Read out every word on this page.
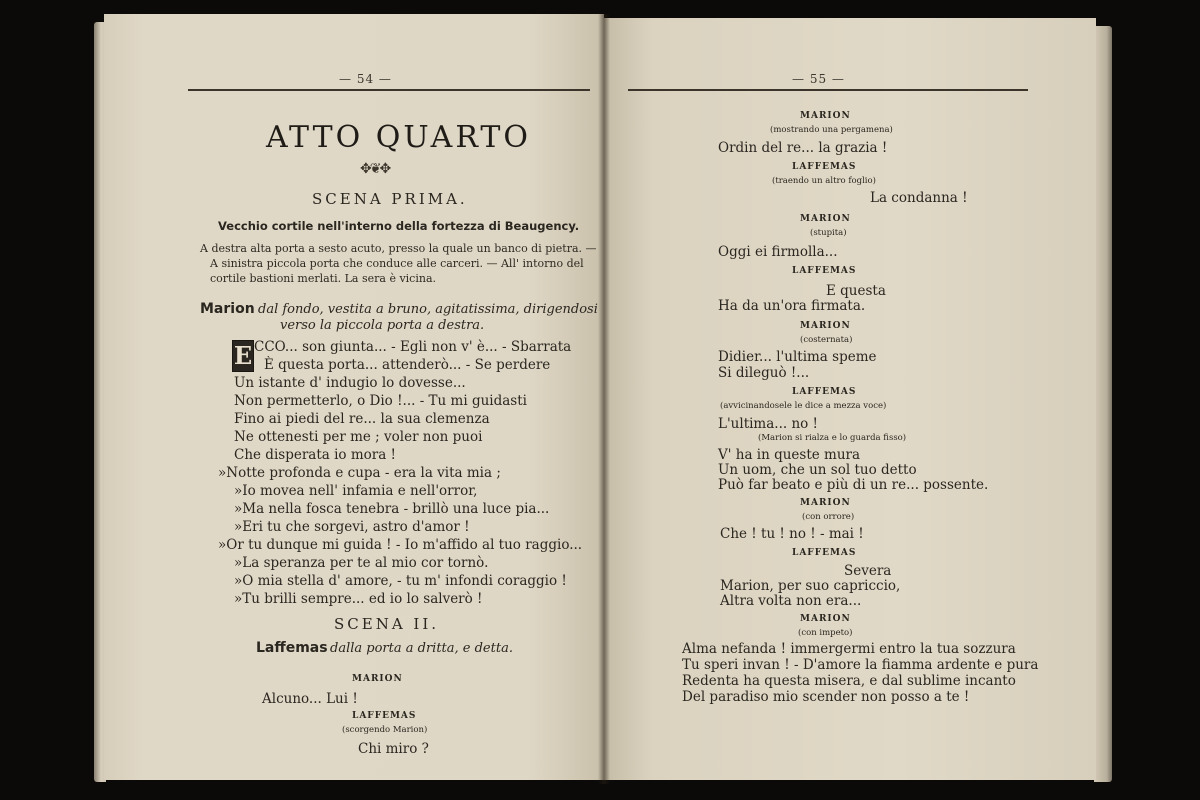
— 54 —
ATTO QUARTO
✥❦✥
SCENA PRIMA.
Vecchio cortile nell'interno della fortezza di Beaugency.
A destra alta porta a sesto acuto, presso la quale un banco di pietra. —
A sinistra piccola porta che conduce alle carceri. — All' intorno del
cortile bastioni merlati. La sera è vicina.
Marion dal fondo, vestita a bruno, agitatissima, dirigendosi
verso la piccola porta a destra.
E CCO... son giunta... - Egli non v' è... - Sbarrata
È questa porta... attenderò... - Se perdere
Un istante d' indugio lo dovesse...
Non permetterlo, o Dio !... - Tu mi guidasti
Fino ai piedi del re... la sua clemenza
Ne ottenesti per me ; voler non puoi
Che disperata io mora !
»Notte profonda e cupa - era la vita mia ;
»Io movea nell' infamia e nell'orror,
»Ma nella fosca tenebra - brillò una luce pia...
»Eri tu che sorgevi, astro d'amor !
»Or tu dunque mi guida ! - Io m'affido al tuo raggio...
»La speranza per te al mio cor tornò.
»O mia stella d' amore, - tu m' infondi coraggio !
»Tu brilli sempre... ed io lo salverò !
SCENA II.
Laffemas dalla porta a dritta, e detta.
MARION
Alcuno... Lui !
LAFFEMAS
(scorgendo Marion)
Chi miro ?
— 55 —
MARION
(mostrando una pergamena)
Ordin del re... la grazia !
LAFFEMAS
(traendo un altro foglio)
La condanna !
MARION
(stupita)
Oggi ei firmolla...
LAFFEMAS
E questa
Ha da un'ora firmata.
MARION
(costernata)
Didier... l'ultima speme
Si dileguò !...
LAFFEMAS
(avvicinandosele le dice a mezza voce)
L'ultima... no !
(Marion si rialza e lo guarda fisso)
V' ha in queste mura
Un uom, che un sol tuo detto
Può far beato e più di un re... possente.
MARION
(con orrore)
Che ! tu ! no ! - mai !
LAFFEMAS
Severa
Marion, per suo capriccio,
Altra volta non era...
MARION
(con impeto)
Alma nefanda ! immergermi entro la tua sozzura
Tu speri invan ! - D'amore la fiamma ardente e pura
Redenta ha questa misera, e dal sublime incanto
Del paradiso mio scender non posso a te !
